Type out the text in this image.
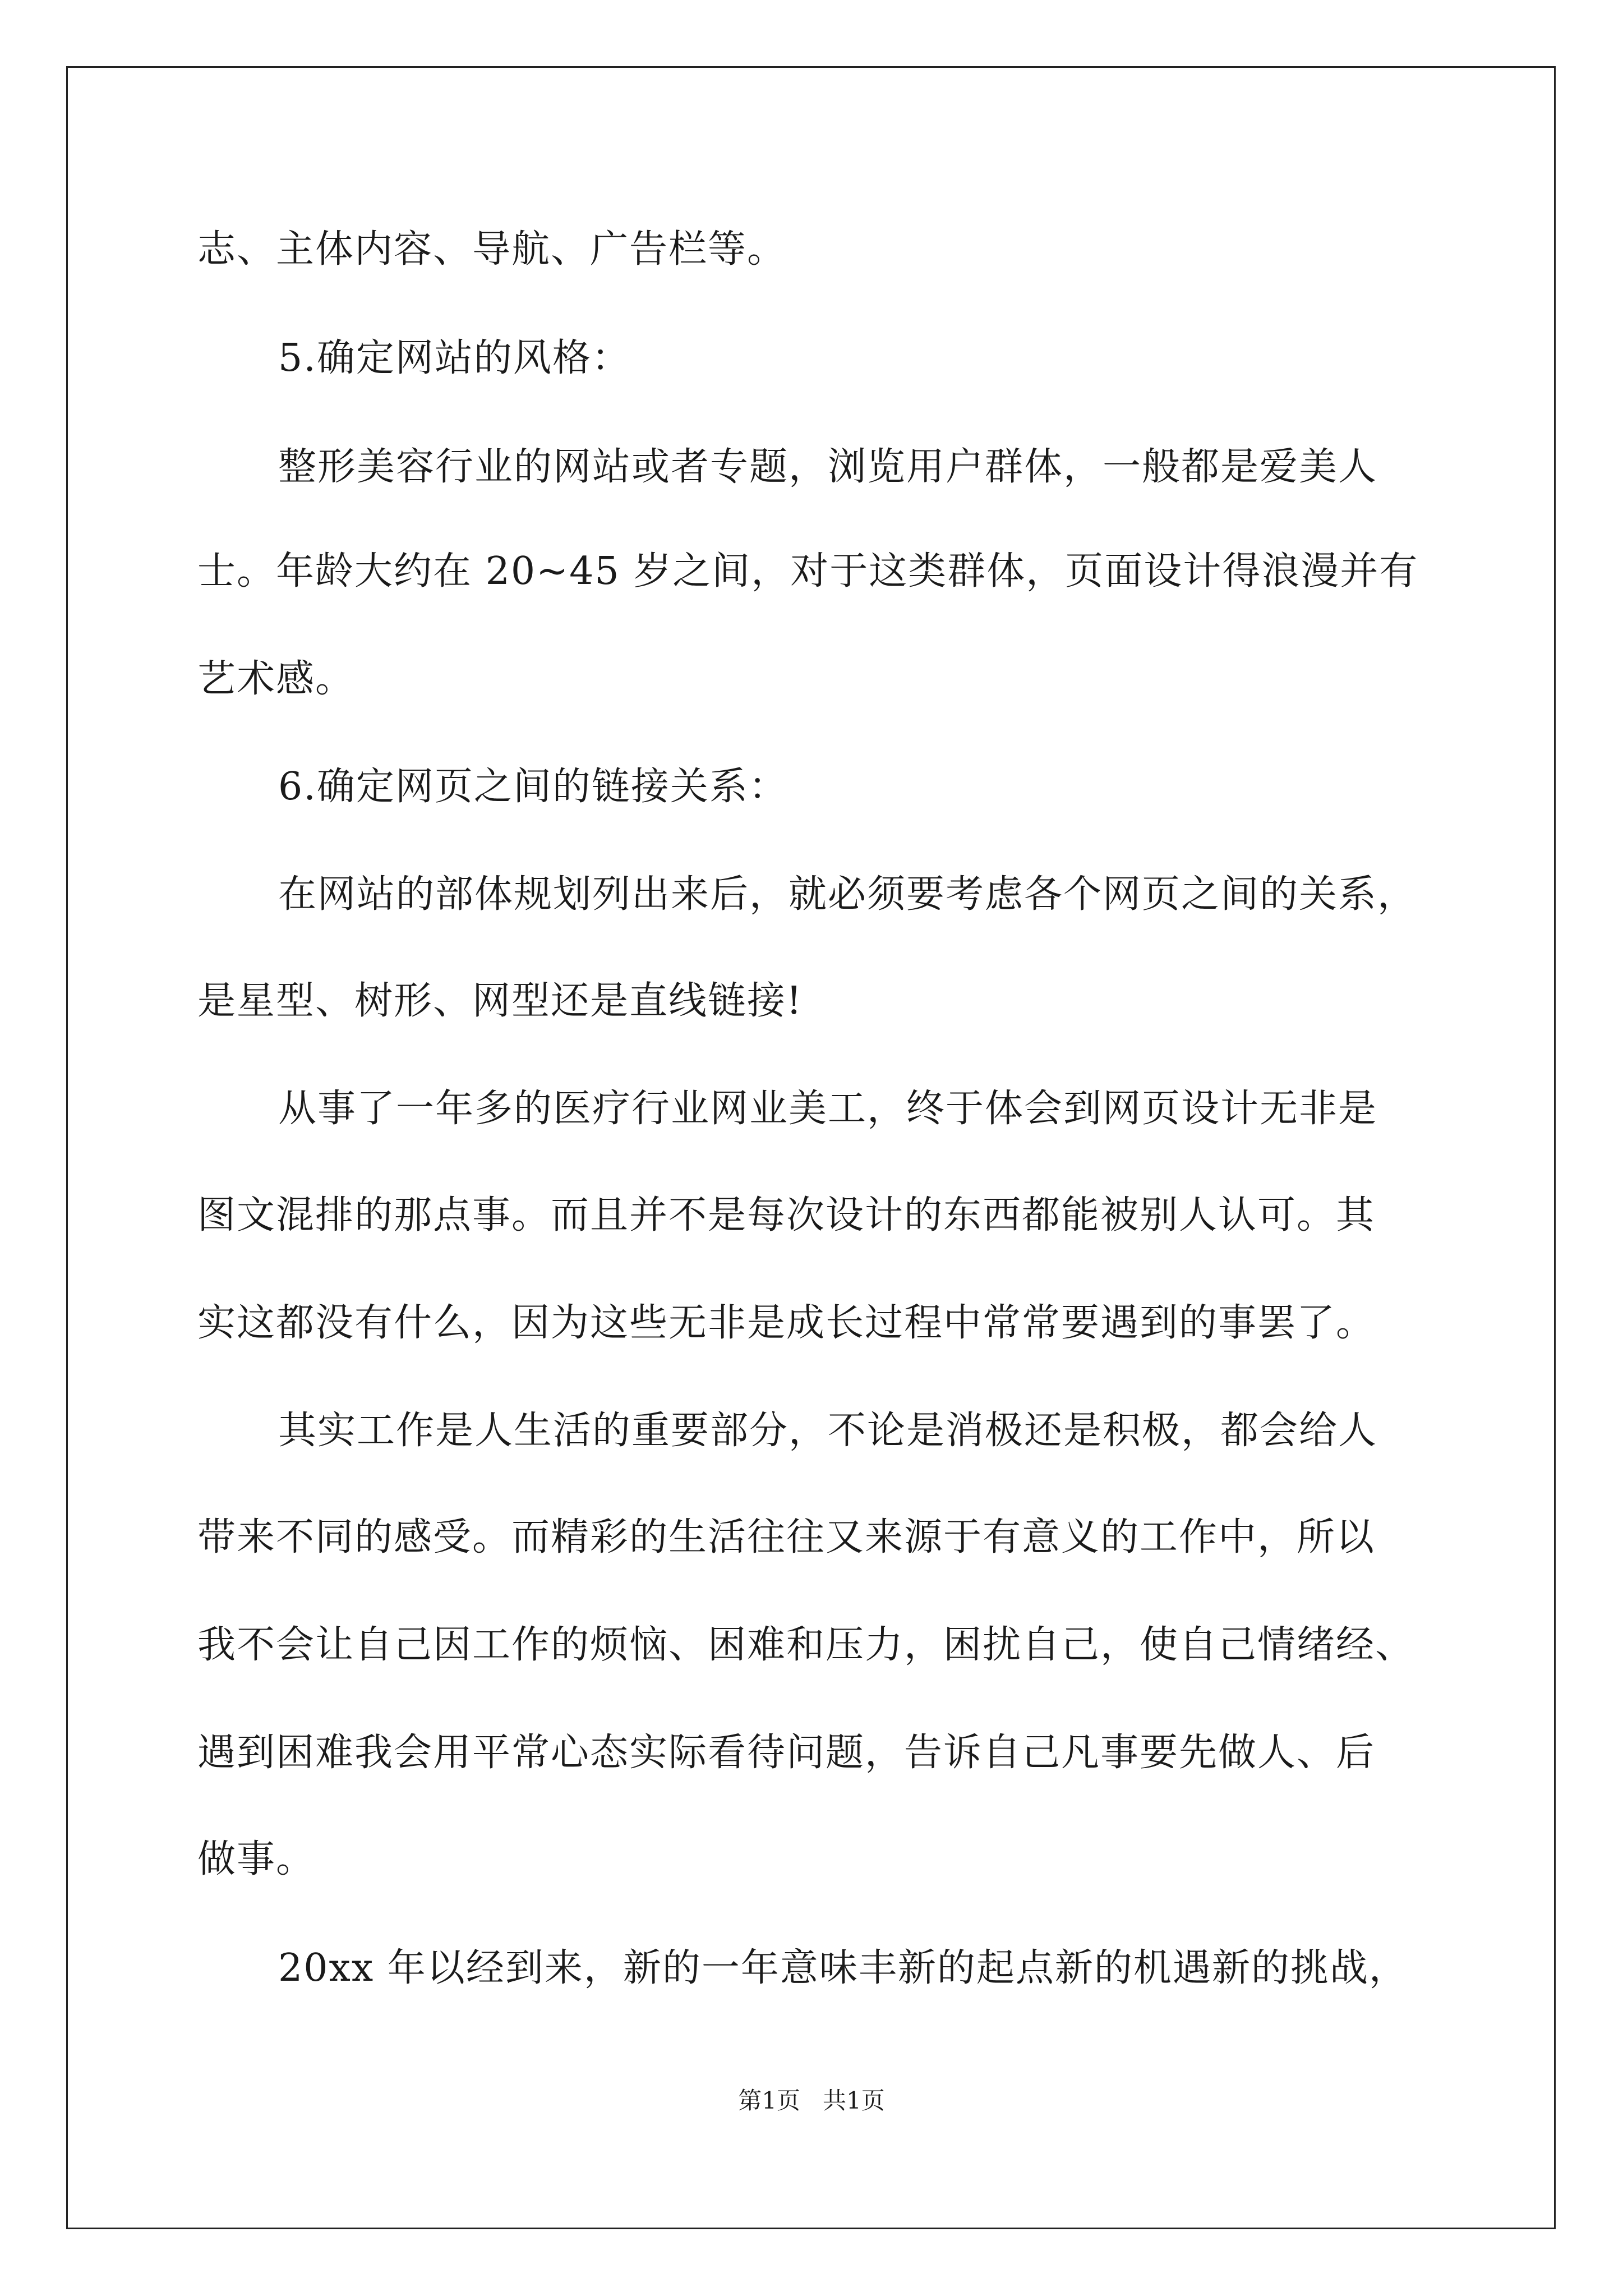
志、主体内容、导航、广告栏等。
5.确定网站的风格：
整形美容行业的网站或者专题，浏览用户群体，一般都是爱美人
士。年龄大约在 20~45 岁之间，对于这类群体，页面设计得浪漫并有
艺术感。
6.确定网页之间的链接关系：
在网站的部体规划列出来后，就必须要考虑各个网页之间的关系，
是星型、树形、网型还是直线链接!
从事了一年多的医疗行业网业美工，终于体会到网页设计无非是
图文混排的那点事。而且并不是每次设计的东西都能被别人认可。其
实这都没有什么，因为这些无非是成长过程中常常要遇到的事罢了。
其实工作是人生活的重要部分，不论是消极还是积极，都会给人
带来不同的感受。而精彩的生活往往又来源于有意义的工作中，所以
我不会让自己因工作的烦恼、困难和压力，困扰自己，使自己情绪经、
遇到困难我会用平常心态实际看待问题，告诉自己凡事要先做人、后
做事。
20xx 年以经到来，新的一年意味丰新的起点新的机遇新的挑战，
第1页   共1页
